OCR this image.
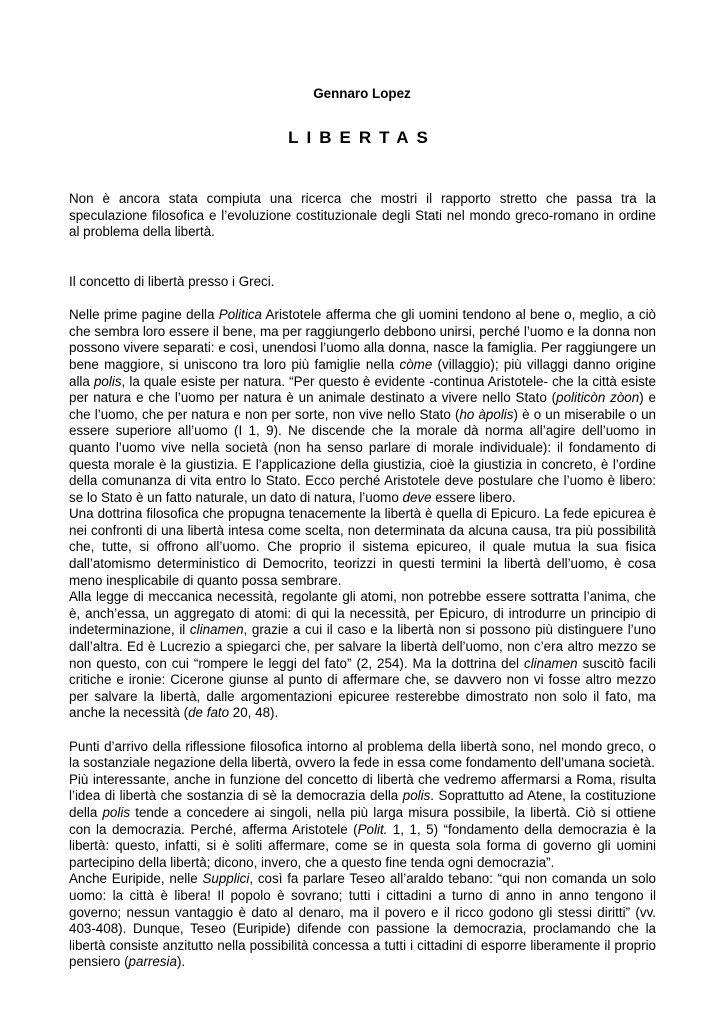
Gennaro Lopez
LIBERTAS

Non è ancora stata compiuta una ricerca che mostri il rapporto stretto che passa tra la speculazione filosofica e l’evoluzione costituzionale degli Stati nel mondo greco-romano in ordine al problema della libertà.

Il concetto di libertà presso i Greci.

Nelle prime pagine della Politica Aristotele afferma che gli uomini tendono al bene o, meglio, a ciò che sembra loro essere il bene, ma per raggiungerlo debbono unirsi, perché l’uomo e la donna non possono vivere separati: e così, unendosi l’uomo alla donna, nasce la famiglia. Per raggiungere un bene maggiore, si uniscono tra loro più famiglie nella còme (villaggio); più villaggi danno origine alla polis, la quale esiste per natura. “Per questo è evidente -continua Aristotele- che la città esiste per natura e che l’uomo per natura è un animale destinato a vivere nello Stato (politicòn zòon) e che l’uomo, che per natura e non per sorte, non vive nello Stato (ho àpolis) è o un miserabile o un essere superiore all’uomo (I 1, 9). Ne discende che la morale dà norma all’agire dell’uomo in quanto l’uomo vive nella società (non ha senso parlare di morale individuale): il fondamento di questa morale è la giustizia. E l’applicazione della giustizia, cioè la giustizia in concreto, è l’ordine della comunanza di vita entro lo Stato. Ecco perché Aristotele deve postulare che l’uomo è libero: se lo Stato è un fatto naturale, un dato di natura, l’uomo deve essere libero.

Una dottrina filosofica che propugna tenacemente la libertà è quella di Epicuro. La fede epicurea è nei confronti di una libertà intesa come scelta, non determinata da alcuna causa, tra più possibilità che, tutte, si offrono all’uomo. Che proprio il sistema epicureo, il quale mutua la sua fisica dall’atomismo deterministico di Democrito, teorizzi in questi termini la libertà dell’uomo, è cosa meno inesplicabile di quanto possa sembrare.

Alla legge di meccanica necessità, regolante gli atomi, non potrebbe essere sottratta l’anima, che è, anch’essa, un aggregato di atomi: di qui la necessità, per Epicuro, di introdurre un principio di indeterminazione, il clinamen, grazie a cui il caso e la libertà non si possono più distinguere l’uno dall’altra. Ed è Lucrezio a spiegarci che, per salvare la libertà dell’uomo, non c’era altro mezzo se non questo, con cui “rompere le leggi del fato” (2, 254). Ma la dottrina del clinamen suscitò facili critiche e ironie: Cicerone giunse al punto di affermare che, se davvero non vi fosse altro mezzo per salvare la libertà, dalle argomentazioni epicuree resterebbe dimostrato non solo il fato, ma anche la necessità (de fato 20, 48).

Punti d’arrivo della riflessione filosofica intorno al problema della libertà sono, nel mondo greco, o la sostanziale negazione della libertà, ovvero la fede in essa come fondamento dell’umana società.

Più interessante, anche in funzione del concetto di libertà che vedremo affermarsi a Roma, risulta l’idea di libertà che sostanzia di sè la democrazia della polis. Soprattutto ad Atene, la costituzione della polis tende a concedere ai singoli, nella più larga misura possibile, la libertà. Ciò si ottiene con la democrazia. Perché, afferma Aristotele (Polit. 1, 1, 5) “fondamento della democrazia è la libertà: questo, infatti, si è soliti affermare, come se in questa sola forma di governo gli uomini partecipino della libertà; dicono, invero, che a questo fine tenda ogni democrazia”.

Anche Euripide, nelle Supplici, così fa parlare Teseo all’araldo tebano: “qui non comanda un solo uomo: la città è libera! Il popolo è sovrano; tutti i cittadini a turno di anno in anno tengono il governo; nessun vantaggio è dato al denaro, ma il povero e il ricco godono gli stessi diritti” (vv. 403-408). Dunque, Teseo (Euripide) difende con passione la democrazia, proclamando che la libertà consiste anzitutto nella possibilità concessa a tutti i cittadini di esporre liberamente il proprio pensiero (parresia).
